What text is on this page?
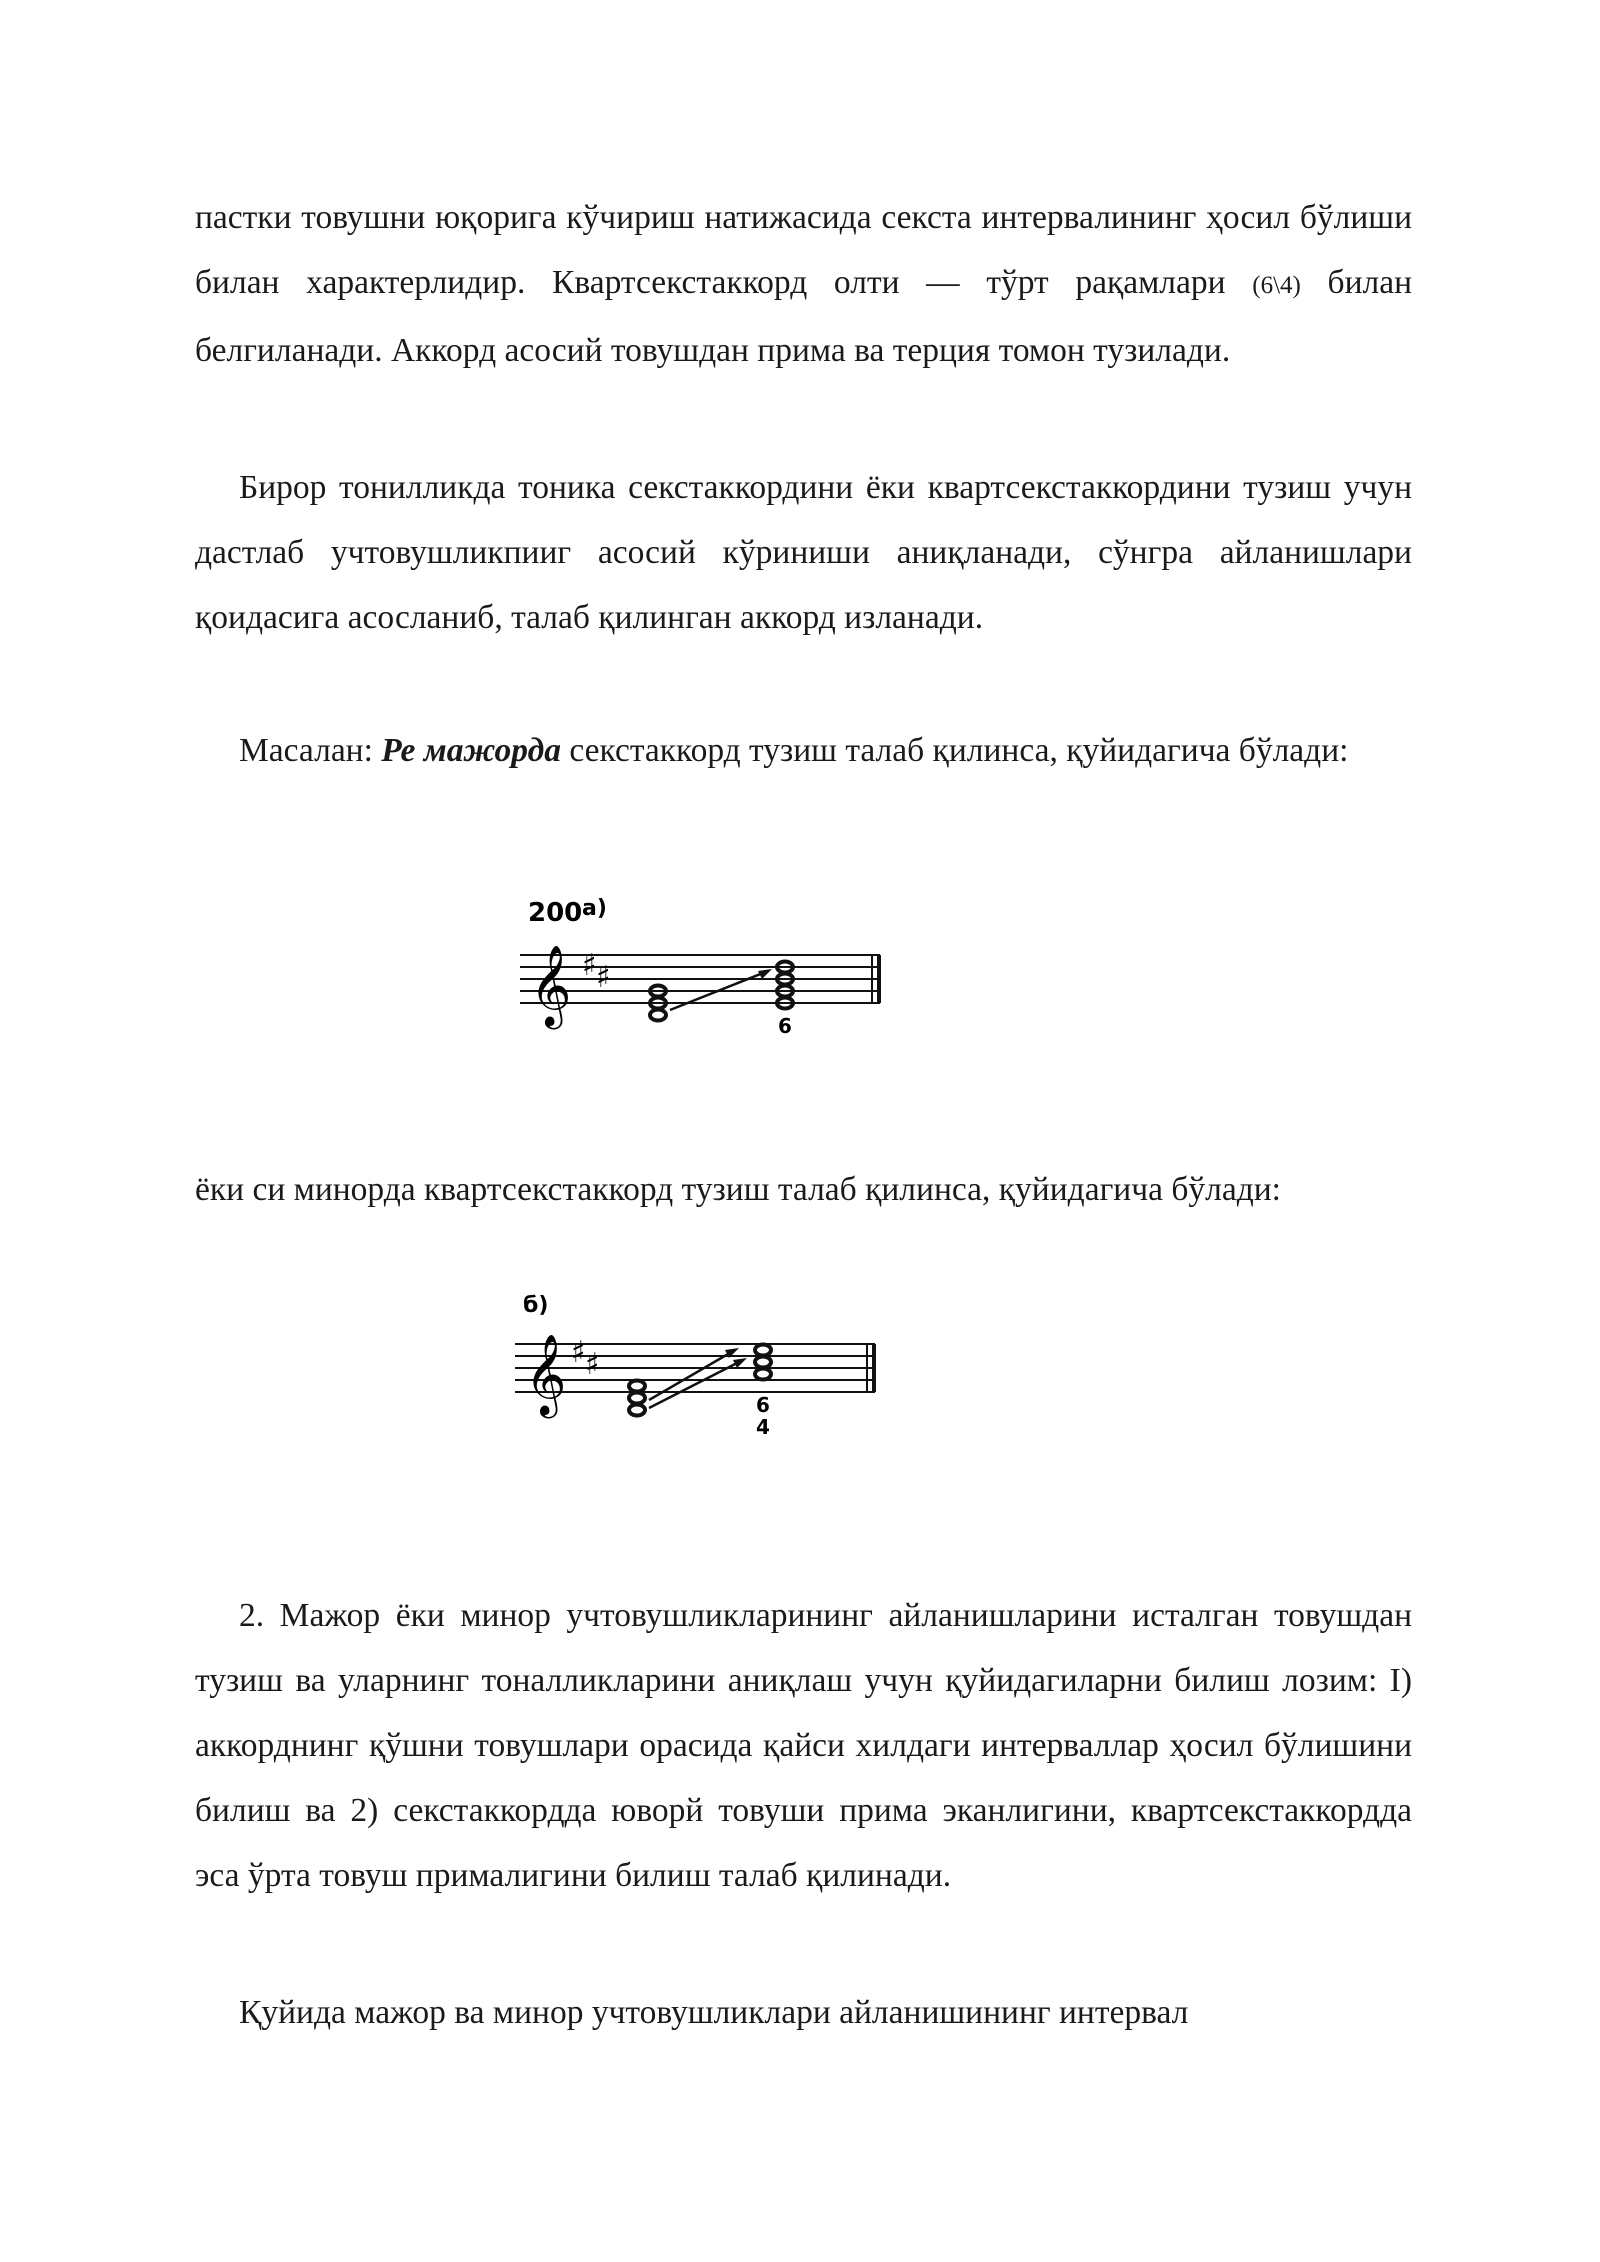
пастки товушни юқорига кўчириш натижасида секста интервалининг ҳосил бўлиши билан характерлидир. Квартсекстаккорд олти — тўрт рақамлари (6\4) билан белгиланади. Аккорд асосий товушдан прима ва терция томон тузилади.

Бирор тонилликда тоника секстаккордини ёки квартсекстаккордини тузиш учун дастлаб учтовушликпииг асосий кўриниши аниқланади, сўнгра айланишлари қоидасига асосланиб, талаб қилинган аккорд изланади.

Масалан: Ре мажорда секстаккорд тузиш талаб қилинса, қуйидагича бўлади:

200 а)
𝄞 ♯ ♯
6

ёки си минорда квартсекстаккорд тузиш талаб қилинса, қуйидагича бўлади:

б)
𝄞 ♯ ♯
6
4

2. Мажор ёки минор учтовушликларининг айланишларини исталган товушдан тузиш ва уларнинг тоналликларини аниқлаш учун қуйидагиларни билиш лозим: I) аккорднинг қўшни товушлари орасида қайси хилдаги интерваллар ҳосил бўлишини билиш ва 2) секстаккордда юворй товуши прима эканлигини, квартсекстаккордда эса ўрта товуш прималигини билиш талаб қилинади.

Қуйида мажор ва минор учтовушликлари айланишининг интервал
